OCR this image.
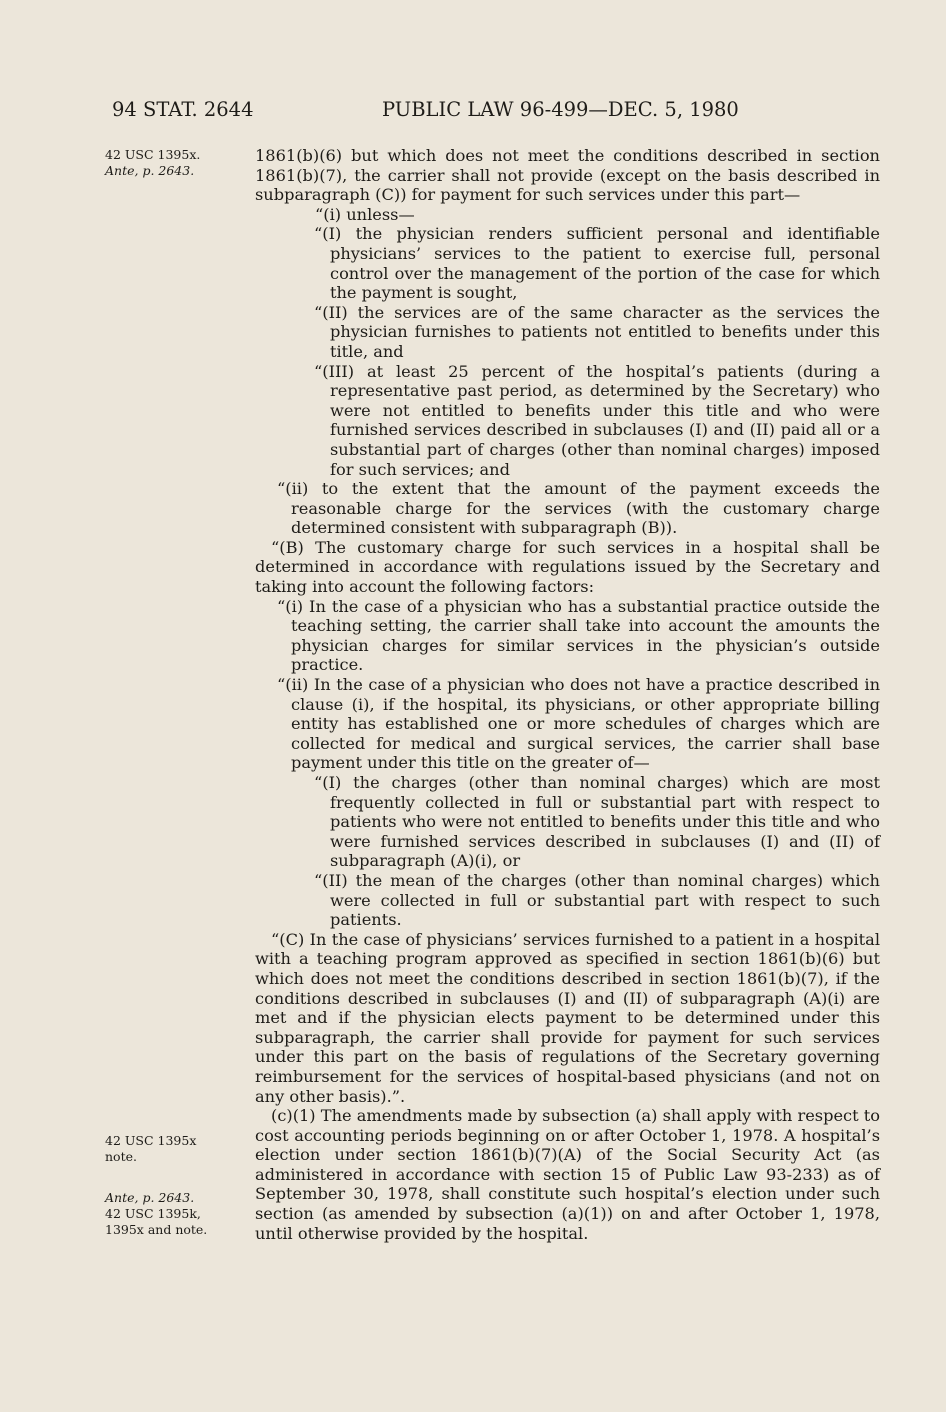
94 STAT. 2644	PUBLIC LAW 96-499—DEC. 5, 1980

42 USC 1395x.

Ante, p. 2643.

42 USC 1395x

note.

Ante, p. 2643.

42 USC 1395k,

1395x and note.

1861(b)(6) but which does not meet the conditions described in section 1861(b)(7), the carrier shall not provide (except on the basis described in subparagraph (C)) for payment for such services under this part—

“(i) unless—

“(I) the physician renders sufficient personal and identifiable physicians’ services to the patient to exercise full, personal control over the management of the portion of the case for which the payment is sought,

“(II) the services are of the same character as the services the physician furnishes to patients not entitled to benefits under this title, and

“(III) at least 25 percent of the hospital’s patients (during a representative past period, as determined by the Secretary) who were not entitled to benefits under this title and who were furnished services described in subclauses (I) and (II) paid all or a substantial part of charges (other than nominal charges) imposed for such services; and

“(ii) to the extent that the amount of the payment exceeds the reasonable charge for the services (with the customary charge determined consistent with subparagraph (B)).

“(B) The customary charge for such services in a hospital shall be determined in accordance with regulations issued by the Secretary and taking into account the following factors:

“(i) In the case of a physician who has a substantial practice outside the teaching setting, the carrier shall take into account the amounts the physician charges for similar services in the physician’s outside practice.

“(ii) In the case of a physician who does not have a practice described in clause (i), if the hospital, its physicians, or other appropriate billing entity has established one or more schedules of charges which are collected for medical and surgical services, the carrier shall base payment under this title on the greater of—

“(I) the charges (other than nominal charges) which are most frequently collected in full or substantial part with respect to patients who were not entitled to benefits under this title and who were furnished services described in subclauses (I) and (II) of subparagraph (A)(i), or

“(II) the mean of the charges (other than nominal charges) which were collected in full or substantial part with respect to such patients.

“(C) In the case of physicians’ services furnished to a patient in a hospital with a teaching program approved as specified in section 1861(b)(6) but which does not meet the conditions described in section 1861(b)(7), if the conditions described in subclauses (I) and (II) of subparagraph (A)(i) are met and if the physician elects payment to be determined under this subparagraph, the carrier shall provide for payment for such services under this part on the basis of regulations of the Secretary governing reimbursement for the services of hospital-based physicians (and not on any other basis).”.

(c)(1) The amendments made by subsection (a) shall apply with respect to cost accounting periods beginning on or after October 1, 1978. A hospital’s election under section 1861(b)(7)(A) of the Social Security Act (as administered in accordance with section 15 of Public Law 93-233) as of September 30, 1978, shall constitute such hospital’s election under such section (as amended by subsection (a)(1)) on and after October 1, 1978, until otherwise provided by the hospital.
